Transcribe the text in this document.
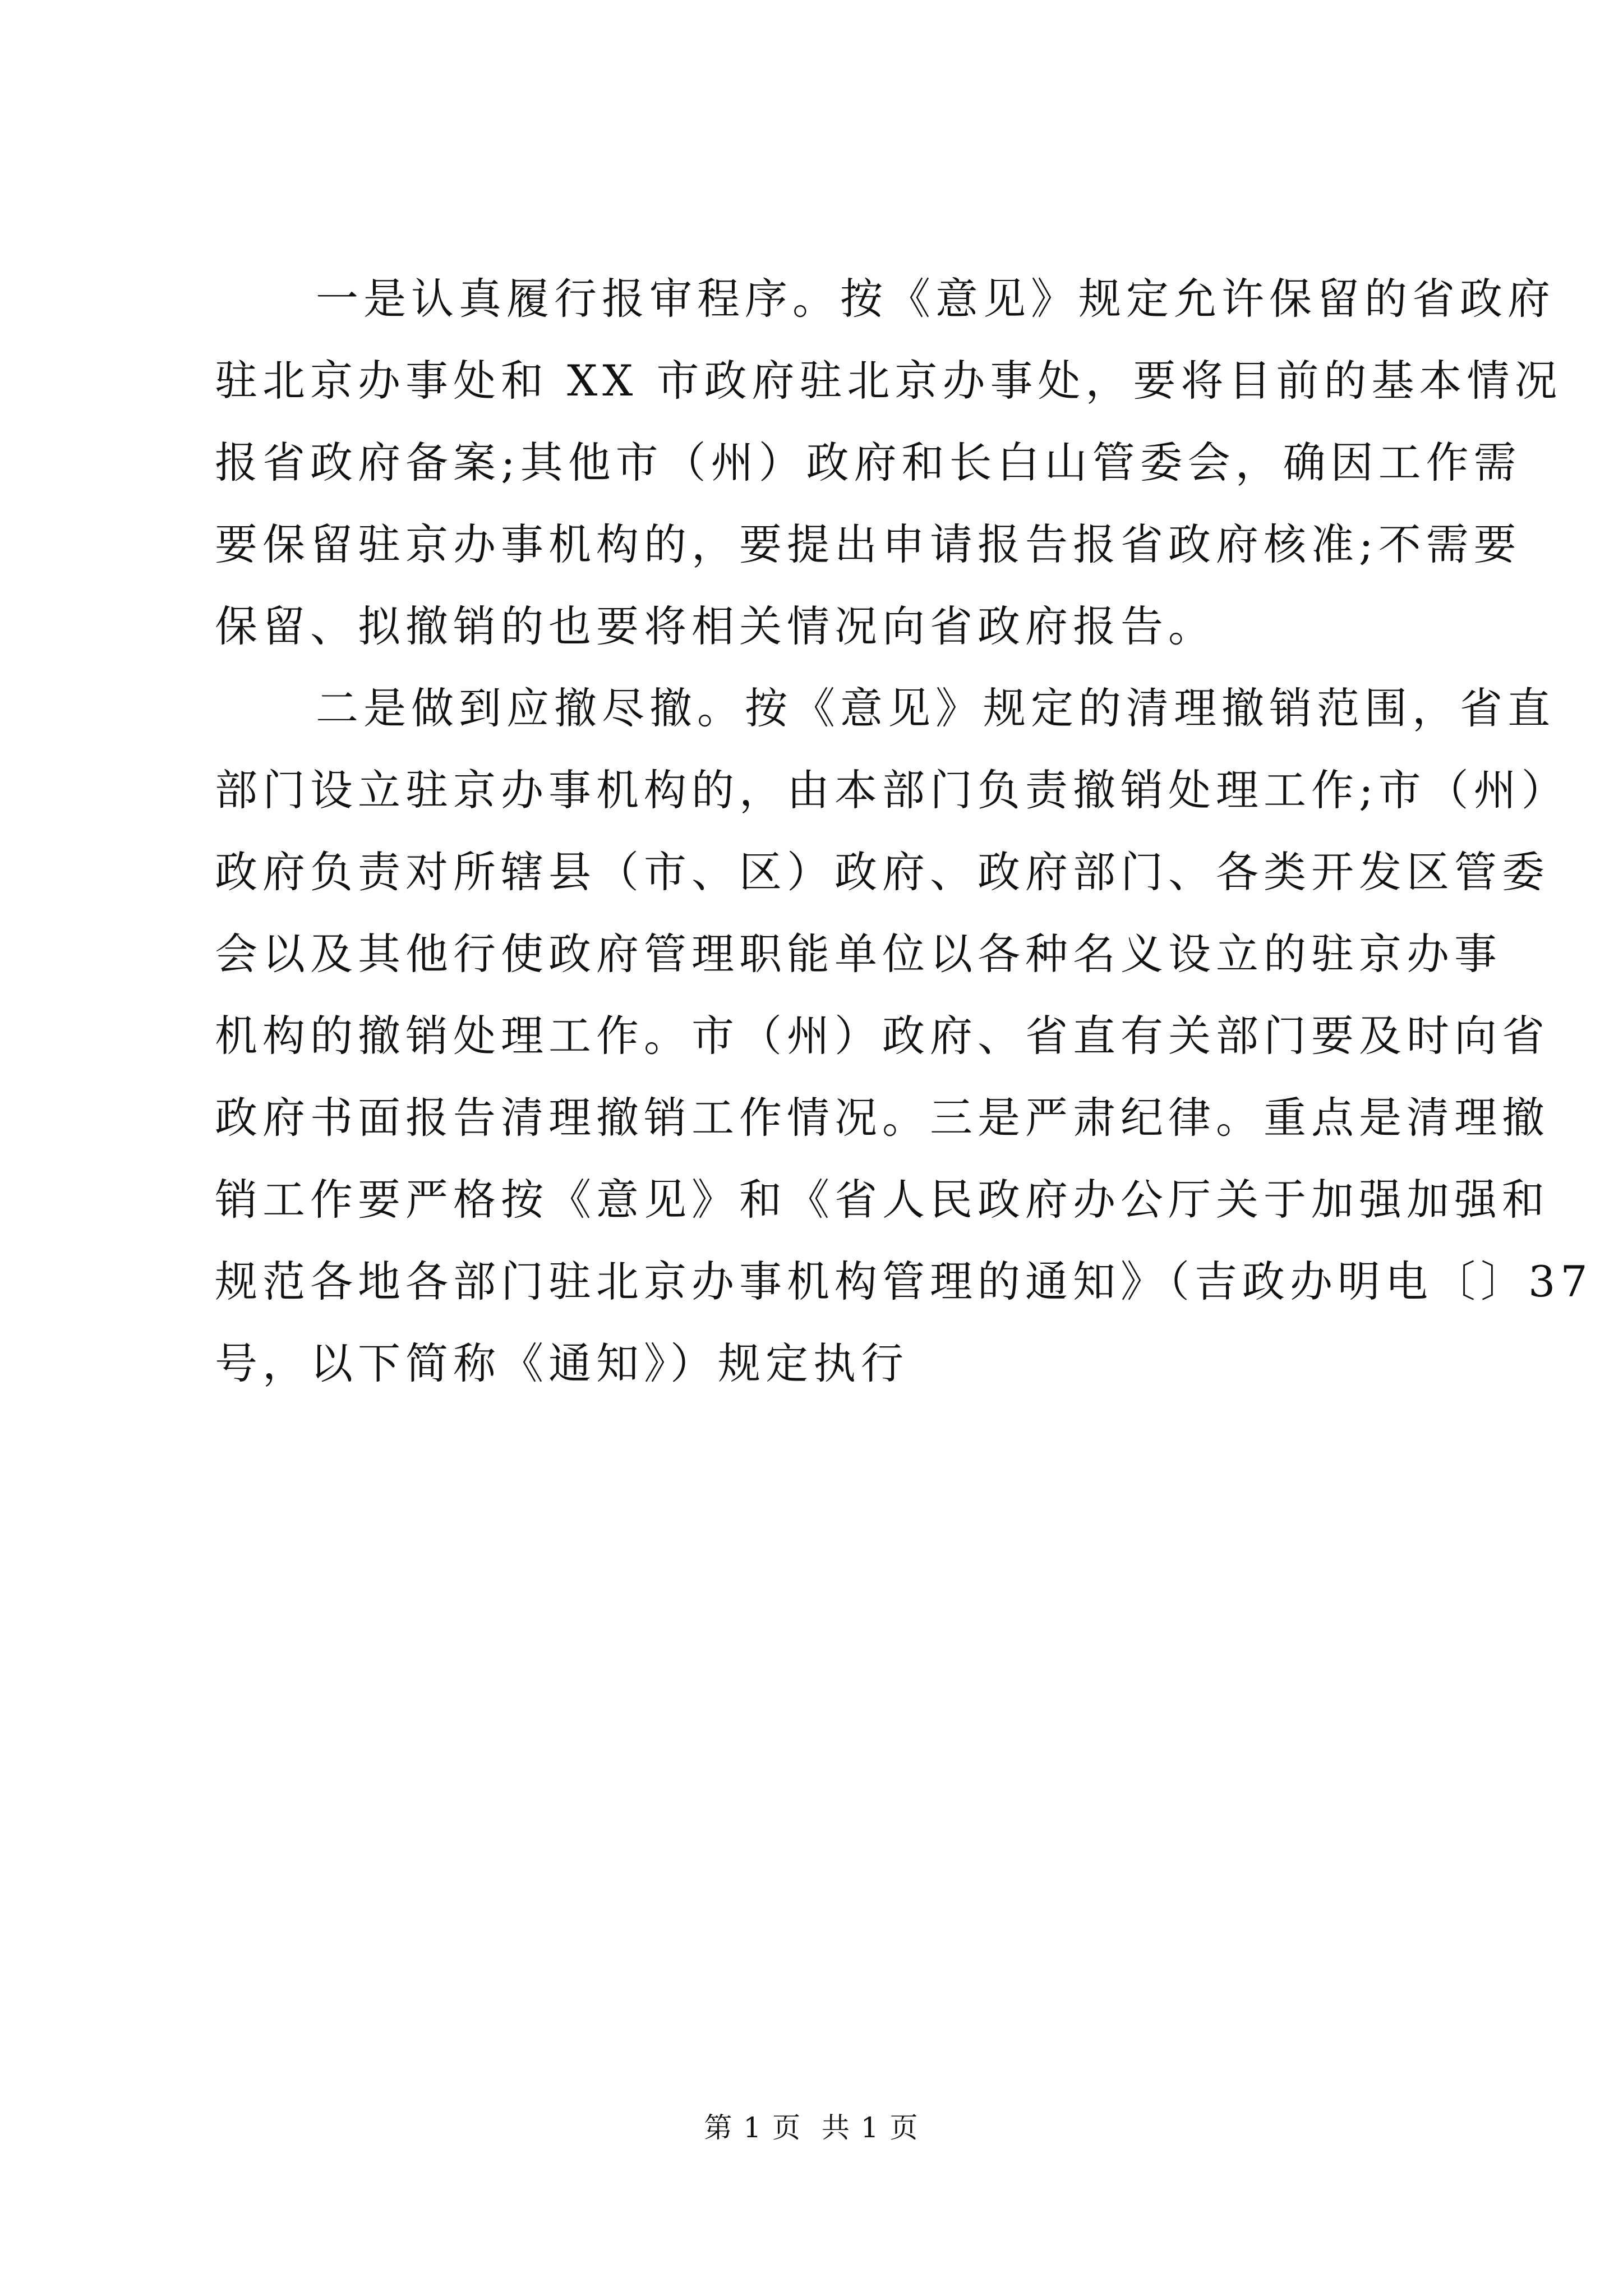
一是认真履行报审程序。按《意见》规定允许保留的省政府
驻北京办事处和 XX 市政府驻北京办事处，要将目前的基本情况
报省政府备案;其他市（州）政府和长白山管委会，确因工作需
要保留驻京办事机构的，要提出申请报告报省政府核准;不需要
保留、拟撤销的也要将相关情况向省政府报告。
二是做到应撤尽撤。按《意见》规定的清理撤销范围，省直
部门设立驻京办事机构的，由本部门负责撤销处理工作;市（州）
政府负责对所辖县（市、区）政府、政府部门、各类开发区管委
会以及其他行使政府管理职能单位以各种名义设立的驻京办事
机构的撤销处理工作。市（州）政府、省直有关部门要及时向省
政府书面报告清理撤销工作情况。三是严肃纪律。重点是清理撤
销工作要严格按《意见》和《省人民政府办公厅关于加强加强和
规范各地各部门驻北京办事机构管理的通知》（吉政办明电〔〕37
号，以下简称《通知》）规定执行
第 1 页  共 1 页
